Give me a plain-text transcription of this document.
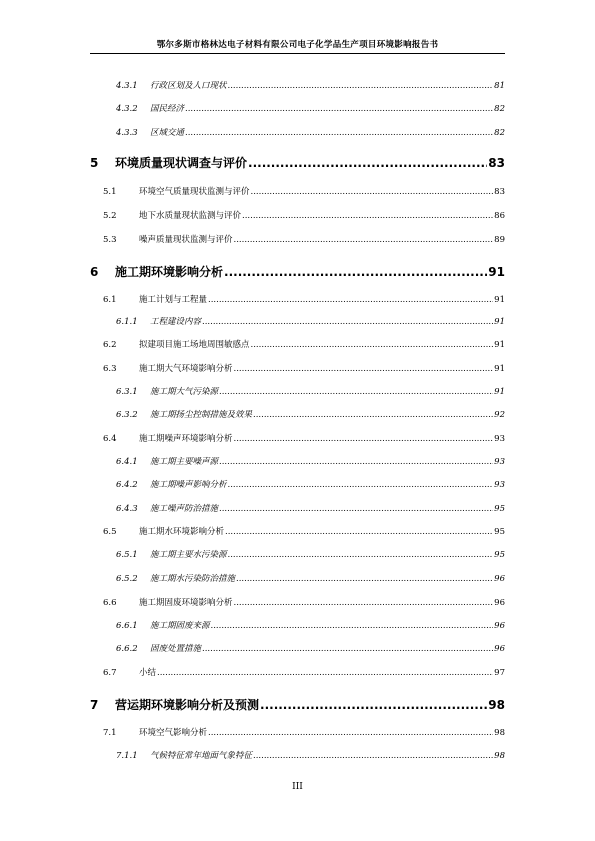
鄂尔多斯市格林达电子材料有限公司电子化学品生产项目环境影响报告书
4.3.1	行政区划及人口现状 .....	81
4.3.2	国民经济 .....	82
4.3.3	区域交通 .....	82
5	环境质量现状调查与评价 .....	83
5.1	环境空气质量现状监测与评价 .....	83
5.2	地下水质量现状监测与评价 .....	86
5.3	噪声质量现状监测与评价 .....	89
6	施工期环境影响分析 .....	91
6.1	施工计划与工程量 .....	91
6.1.1	工程建设内容 .....	91
6.2	拟建项目施工场地周围敏感点 .....	91
6.3	施工期大气环境影响分析 .....	91
6.3.1	施工期大气污染源 .....	91
6.3.2	施工期扬尘控制措施及效果 .....	92
6.4	施工期噪声环境影响分析 .....	93
6.4.1	施工期主要噪声源 .....	93
6.4.2	施工期噪声影响分析 .....	93
6.4.3	施工噪声防治措施 .....	95
6.5	施工期水环境影响分析 .....	95
6.5.1	施工期主要水污染源 .....	95
6.5.2	施工期水污染防治措施 .....	96
6.6	施工期固废环境影响分析 .....	96
6.6.1	施工期固废来源 .....	96
6.6.2	固废处置措施 .....	96
6.7	小结 .....	97
7	营运期环境影响分析及预测 .....	98
7.1	环境空气影响分析 .....	98
7.1.1	气候特征常年地面气象特征 .....	98
III
